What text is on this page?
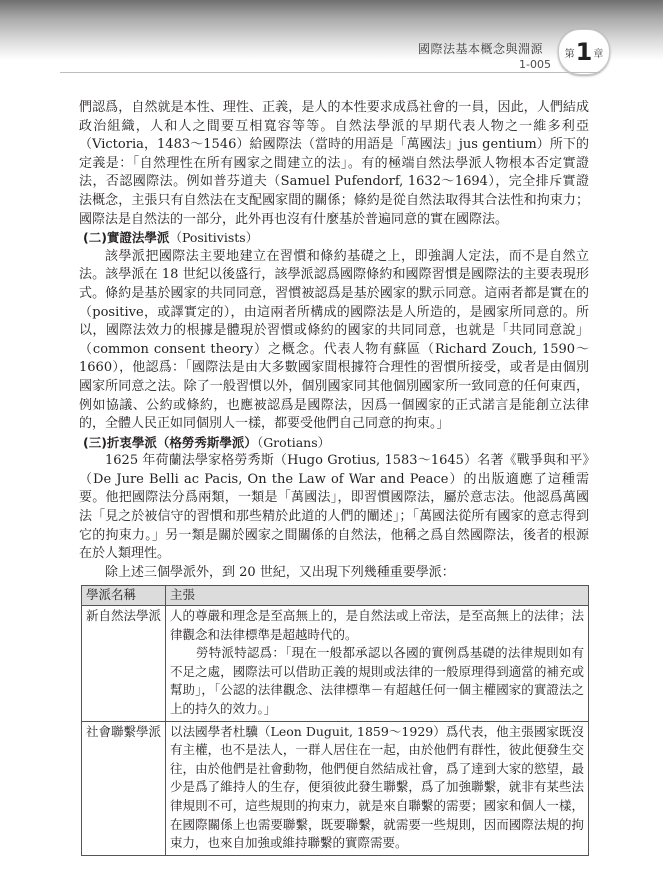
國際法基本概念與淵源
1-005
第 1 章

們認爲，自然就是本性、理性、正義，是人的本性要求成爲社會的一員，因此，人們結成政治組織，人和人之間要互相寬容等等。自然法學派的早期代表人物之一維多利亞（Victoria，1483～1546）給國際法（當時的用語是「萬國法」jus gentium）所下的定義是：「自然理性在所有國家之間建立的法」。有的極端自然法學派人物根本否定實證法，否認國際法。例如普芬道夫（Samuel Pufendorf, 1632～1694），完全排斥實證法概念，主張只有自然法在支配國家間的關係；條約是從自然法取得其合法性和拘束力；國際法是自然法的一部分，此外再也沒有什麼基於普遍同意的實在國際法。

(二)實證法學派（Positivists）

該學派把國際法主要地建立在習慣和條約基礎之上，即強調人定法，而不是自然立法。該學派在 18 世紀以後盛行，該學派認爲國際條約和國際習慣是國際法的主要表現形式。條約是基於國家的共同同意，習慣被認爲是基於國家的默示同意。這兩者都是實在的（positive，或譯實定的），由這兩者所構成的國際法是人所造的，是國家所同意的。所以，國際法效力的根據是體現於習慣或條約的國家的共同同意，也就是「共同同意說」（common consent theory）之概念。代表人物有蘇區（Richard Zouch, 1590～1660），他認爲：「國際法是由大多數國家間根據符合理性的習慣所接受，或者是由個別國家所同意之法。除了一般習慣以外，個別國家同其他個別國家所一致同意的任何東西，例如協議、公約或條約，也應被認爲是國際法，因爲一個國家的正式諾言是能創立法律的，全體人民正如同個別人一樣，都要受他們自己同意的拘束。」

(三)折衷學派（格勞秀斯學派）（Grotians）

1625 年荷蘭法學家格勞秀斯（Hugo Grotius, 1583～1645）名著《戰爭與和平》（De Jure Belli ac Pacis, On the Law of War and Peace）的出版適應了這種需要。他把國際法分爲兩類，一類是「萬國法」，即習慣國際法，屬於意志法。他認爲萬國法「見之於被信守的習慣和那些精於此道的人們的闡述」；「萬國法從所有國家的意志得到它的拘束力。」另一類是關於國家之間關係的自然法，他稱之爲自然國際法，後者的根源在於人類理性。

除上述三個學派外，到 20 世紀，又出現下列幾種重要學派：

學派名稱	主張
新自然法學派	人的尊嚴和理念是至高無上的，是自然法或上帝法，是至高無上的法律；法律觀念和法律標準是超越時代的。
勞特派特認爲：「現在一般都承認以各國的實例爲基礎的法律規則如有不足之處，國際法可以借助正義的規則或法律的一般原理得到適當的補充或幫助」，「公認的法律觀念、法律標準－有超越任何一個主權國家的實證法之上的持久的效力。」

社會聯繫學派	以法國學者杜驥（Leon Duguit, 1859～1929）爲代表，他主張國家既沒有主權，也不是法人，一群人居住在一起，由於他們有群性，彼此便發生交往，由於他們是社會動物，他們便自然結成社會，爲了達到大家的慾望，最少是爲了維持人的生存，便須彼此發生聯繫，爲了加強聯繫，就非有某些法律規則不可，這些規則的拘束力，就是來自聯繫的需要；國家和個人一樣，在國際關係上也需要聯繫，既要聯繫，就需要一些規則，因而國際法規的拘束力，也來自加強或維持聯繫的實際需要。
